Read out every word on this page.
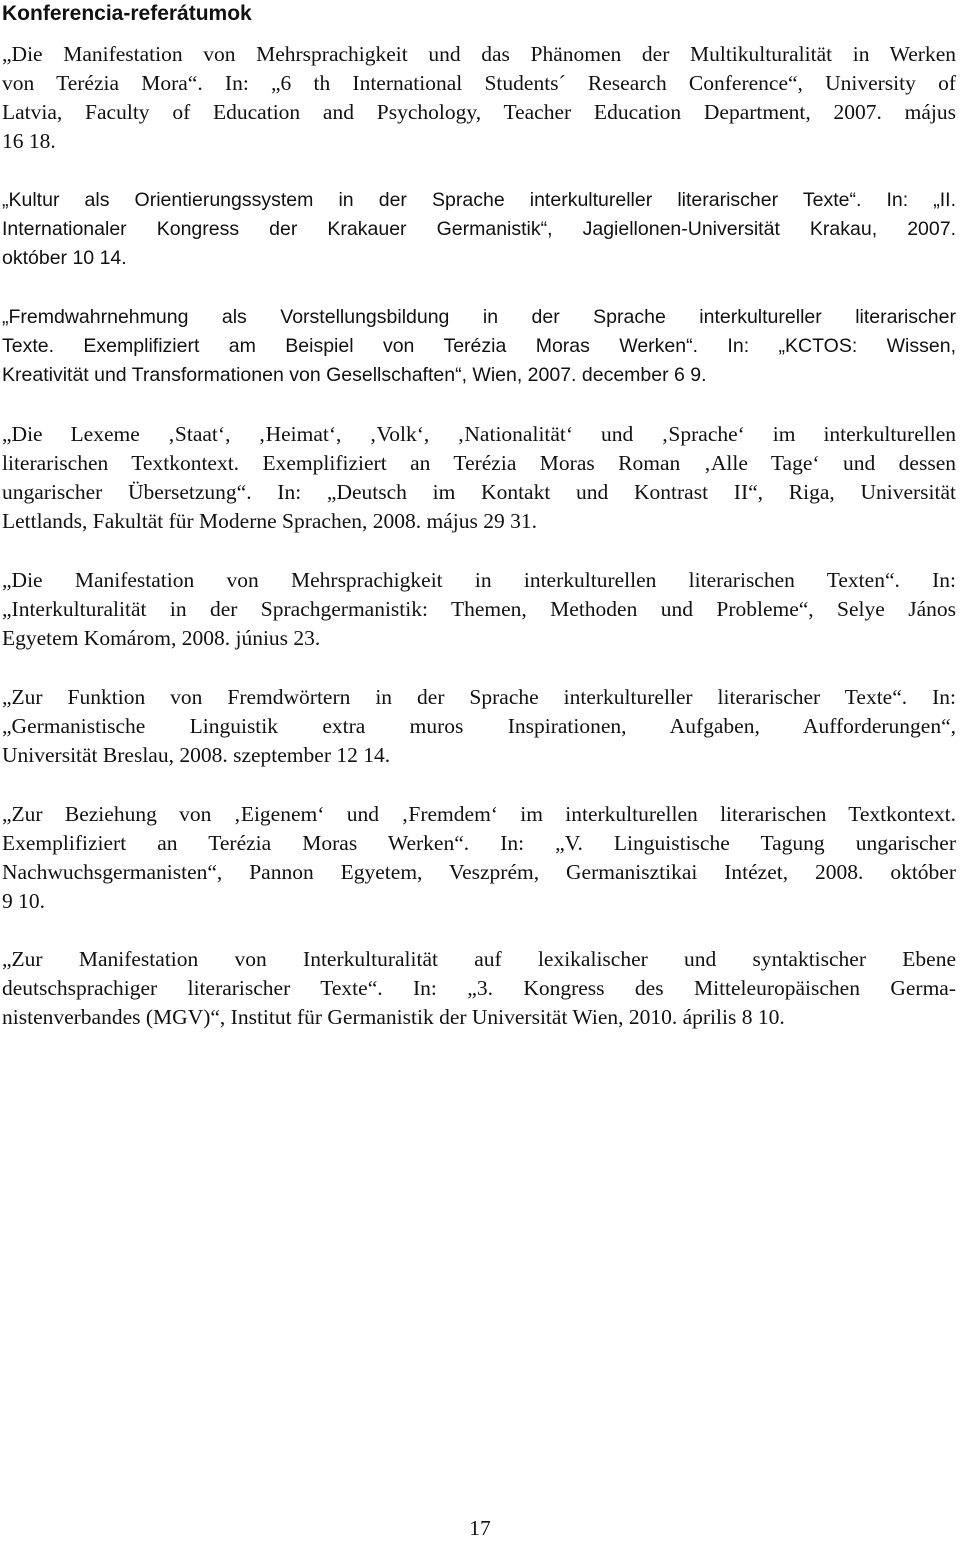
Konferencia-referátumok
„Die Manifestation von Mehrsprachigkeit und das Phänomen der Multikulturalität in Werken
von Terézia Mora“. In: „6 th International Students´ Research Conference“, University of
Latvia, Faculty of Education and Psychology, Teacher Education Department, 2007. május
16 18.
„Kultur als Orientierungssystem in der Sprache interkultureller literarischer Texte“. In: „II.
Internationaler Kongress der Krakauer Germanistik“, Jagiellonen-Universität Krakau, 2007.
október 10 14.
„Fremdwahrnehmung als Vorstellungsbildung in der Sprache interkultureller literarischer
Texte. Exemplifiziert am Beispiel von Terézia Moras Werken“. In: „KCTOS: Wissen,
Kreativität und Transformationen von Gesellschaften“, Wien, 2007. december 6 9.
„Die Lexeme ‚Staat‘, ‚Heimat‘, ‚Volk‘, ‚Nationalität‘ und ‚Sprache‘ im interkulturellen
literarischen Textkontext. Exemplifiziert an Terézia Moras Roman ‚Alle Tage‘ und dessen
ungarischer Übersetzung“. In: „Deutsch im Kontakt und Kontrast II“, Riga, Universität
Lettlands, Fakultät für Moderne Sprachen, 2008. május 29 31.
„Die Manifestation von Mehrsprachigkeit in interkulturellen literarischen Texten“. In:
„Interkulturalität in der Sprachgermanistik: Themen, Methoden und Probleme“, Selye János
Egyetem Komárom, 2008. június 23.
„Zur Funktion von Fremdwörtern in der Sprache interkultureller literarischer Texte“. In:
„Germanistische Linguistik extra muros Inspirationen, Aufgaben, Aufforderungen“,
Universität Breslau, 2008. szeptember 12 14.
„Zur Beziehung von ‚Eigenem‘ und ‚Fremdem‘ im interkulturellen literarischen Textkontext.
Exemplifiziert an Terézia Moras Werken“. In: „V. Linguistische Tagung ungarischer
Nachwuchsgermanisten“, Pannon Egyetem, Veszprém, Germanisztikai Intézet, 2008. október
9 10.
„Zur Manifestation von Interkulturalität auf lexikalischer und syntaktischer Ebene
deutschsprachiger literarischer Texte“. In: „3. Kongress des Mitteleuropäischen Germa-
nistenverbandes (MGV)“, Institut für Germanistik der Universität Wien, 2010. április 8 10.
17
